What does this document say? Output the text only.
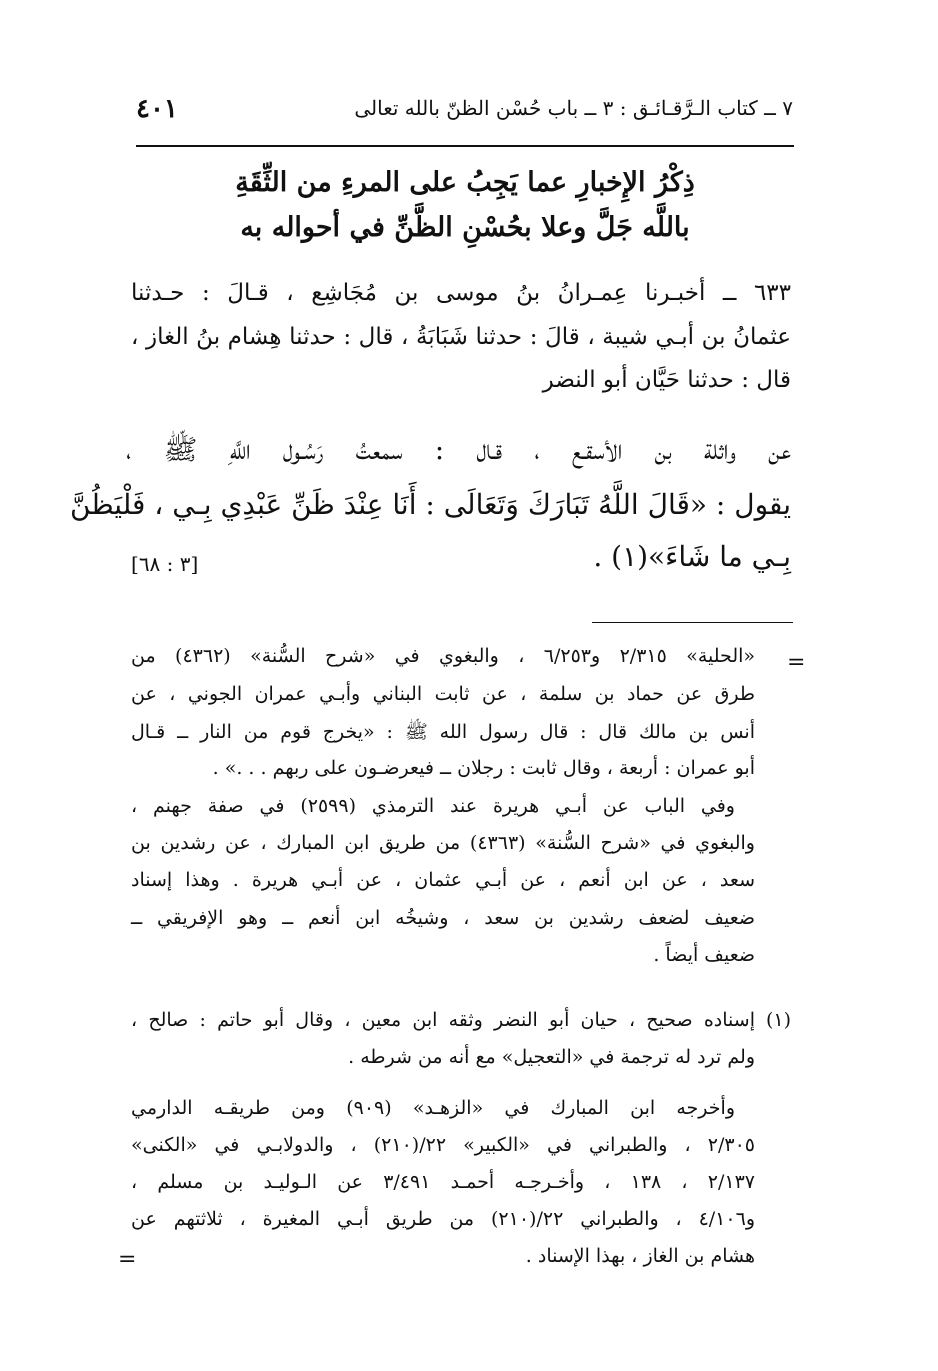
٧ ــ كتاب الـرَّقـائـق : ٣ ــ باب حُسْن الظنّ بالله تعالى
٤٠١
ذِكْرُ الإِخبارِ عما يَجِبُ على المرءِ من الثِّقَةِ
باللَّه جَلَّ وعلا بحُسْنِ الظَّنِّ في أحواله به
٦٣٣ ــ أخبـرنا عِمـرانُ بنُ موسى بن مُجَاشِع ، قـالَ : حـدثنا
عثمانُ بن أبـي شيبة ، قالَ : حدثنا شَبَابَةُ ، قال : حدثنا هِشام بنُ الغاز ،
قال : حدثنا حَيَّان أبو النضر
عن واثلة بن الأسقـع ، قـال : سمعتُ رَسُـول اللَّهِ ﷺ ،
يقول : «قَالَ اللَّهُ تَبَارَكَ وَتَعَالَى : أَنَا عِنْدَ ظَنِّ عَبْدِي بِـي ، فَلْيَظُنَّ
بِـي ما شَاءَ»(١) .
[٣ : ٦٨]
=
«الحلية» ٢/٣١٥ و٦/٢٥٣ ، والبغوي في «شرح السُّنة» (٤٣٦٢) من
طرق عن حماد بن سلمة ، عن ثابت البناني وأبـي عمران الجوني ، عن
أنس بن مالك قال : قال رسول الله ﷺ : «يخرج قوم من النار ــ قـال
أبو عمران : أربعة ، وقال ثابت : رجلان ــ فيعرضـون على ربهم . . .» .
وفي الباب عن أبـي هريرة عند الترمذي (٢٥٩٩) في صفة جهنم ،
والبغوي في «شرح السُّنة» (٤٣٦٣) من طريق ابن المبارك ، عن رشدين بن
سعد ، عن ابن أنعم ، عن أبـي عثمان ، عن أبـي هريرة . وهذا إسناد
ضعيف لضعف رشدين بن سعد ، وشيخُه ابن أنعم ــ وهو الإفريقي ــ
ضعيف أيضاً .
(١)
إسناده صحيح ، حيان أبو النضر وثقه ابن معين ، وقال أبو حاتم : صالح ،
ولم ترد له ترجمة في «التعجيل» مع أنه من شرطه .
وأخرجه ابن المبارك في «الزهـد» (٩٠٩) ومن طريقـه الدارمي
٢/٣٠٥ ، والطبراني في «الكبير» ٢٢/(٢١٠) ، والدولابـي في «الكنى»
٢/١٣٧ ، ١٣٨ ، وأخـرجـه أحمـد ٣/٤٩١ عن الـوليـد بن مسلم ،
و٤/١٠٦ ، والطبراني ٢٢/(٢١٠) من طريق أبـي المغيرة ، ثلاثتهم عن
هشام بن الغاز ، بهذا الإسناد .
=
